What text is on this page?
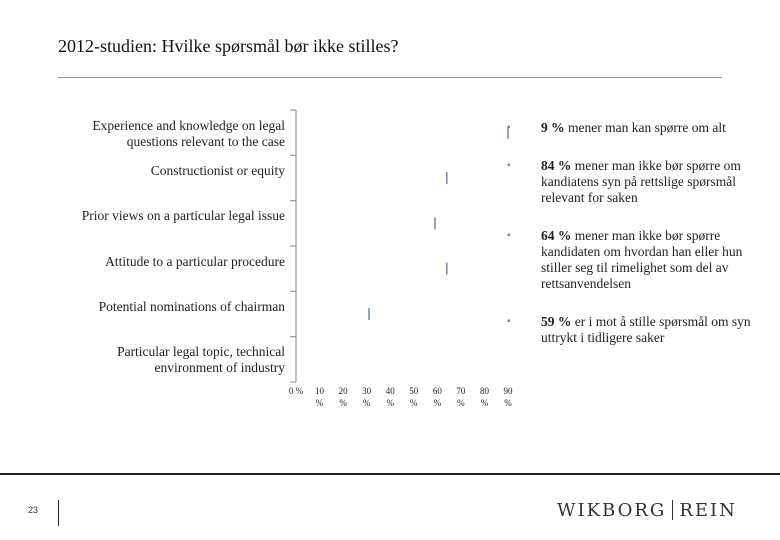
2012-studien: Hvilke spørsmål bør ikke stilles?
Experience and knowledge on legal
questions relevant to the case
Constructionist or equity
Prior views on a particular legal issue
Attitude to a particular procedure
Potential nominations of chairman
Particular legal topic, technical
environment of industry
0 % 10 %
20 %
30 %
40 %
50 %
60 %
70 %
80 %
90 %
▪ 9 % mener man kan spørre om alt
▪ 84 % mener man ikke bør spørre om kandiatens syn på rettslige spørsmål relevant for saken
▪ 64 % mener man ikke bør spørre kandidaten om hvordan han eller hun stiller seg til rimelighet som del av rettsanvendelsen
▪ 59 % er i mot å stille spørsmål om syn uttrykt i tidligere saker
23	WIKBORG REIN
